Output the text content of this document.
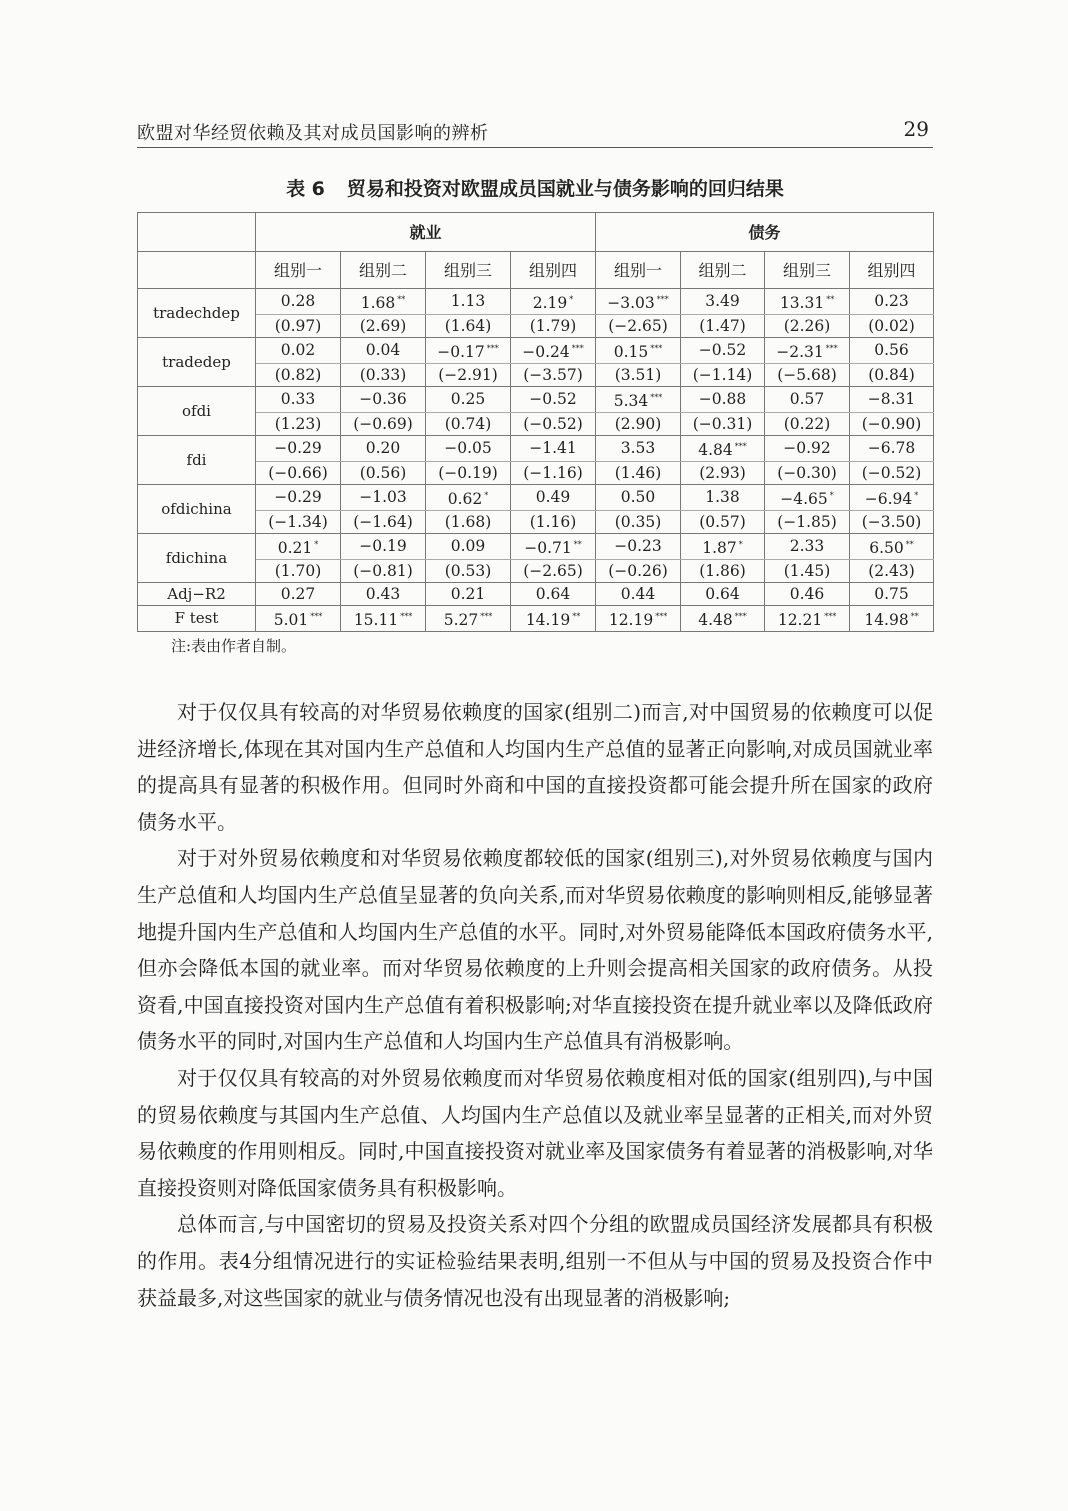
欧盟对华经贸依赖及其对成员国影响的辨析	29
表 6 贸易和投资对欧盟成员国就业与债务影响的回归结果
	就业				债务			
	组别一	组别二	组别三	组别四	组别一	组别二	组别三	组别四
tradechdep	0.28	1.68 **	1.13	2.19 *	−3.03 ***	3.49	13.31 **	0.23
	(0.97)	(2.69)	(1.64)	(1.79)	(−2.65)	(1.47)	(2.26)	(0.02)
tradedep	0.02	0.04	−0.17 ***	−0.24 ***	0.15 ***	−0.52	−2.31 ***	0.56
	(0.82)	(0.33)	(−2.91)	(−3.57)	(3.51)	(−1.14)	(−5.68)	(0.84)
ofdi	0.33	−0.36	0.25	−0.52	5.34 ***	−0.88	0.57	−8.31
	(1.23)	(−0.69)	(0.74)	(−0.52)	(2.90)	(−0.31)	(0.22)	(−0.90)
fdi	−0.29	0.20	−0.05	−1.41	3.53	4.84 ***	−0.92	−6.78
	(−0.66)	(0.56)	(−0.19)	(−1.16)	(1.46)	(2.93)	(−0.30)	(−0.52)
ofdichina	−0.29	−1.03	0.62 *	0.49	0.50	1.38	−4.65 *	−6.94 *
	(−1.34)	(−1.64)	(1.68)	(1.16)	(0.35)	(0.57)	(−1.85)	(−3.50)
fdichina	0.21 *	−0.19	0.09	−0.71 **	−0.23	1.87 *	2.33	6.50 **
	(1.70)	(−0.81)	(0.53)	(−2.65)	(−0.26)	(1.86)	(1.45)	(2.43)
Adj−R2	0.27	0.43	0.21	0.64	0.44	0.64	0.46	0.75
F test	5.01 ***	15.11 ***	5.27 ***	14.19 **	12.19 ***	4.48 ***	12.21 ***	14.98 **
注:表由作者自制。

对于仅仅具有较高的对华贸易依赖度的国家(组别二)而言,对中国贸易的依赖度可以促进经济增长,体现在其对国内生产总值和人均国内生产总值的显著正向影响,对成员国就业率的提高具有显著的积极作用。但同时外商和中国的直接投资都可能会提升所在国家的政府债务水平。

对于对外贸易依赖度和对华贸易依赖度都较低的国家(组别三),对外贸易依赖度与国内生产总值和人均国内生产总值呈显著的负向关系,而对华贸易依赖度的影响则相反,能够显著地提升国内生产总值和人均国内生产总值的水平。同时,对外贸易能降低本国政府债务水平,但亦会降低本国的就业率。而对华贸易依赖度的上升则会提高相关国家的政府债务。从投资看,中国直接投资对国内生产总值有着积极影响;对华直接投资在提升就业率以及降低政府债务水平的同时,对国内生产总值和人均国内生产总值具有消极影响。

对于仅仅具有较高的对外贸易依赖度而对华贸易依赖度相对低的国家(组别四),与中国的贸易依赖度与其国内生产总值、人均国内生产总值以及就业率呈显著的正相关,而对外贸易依赖度的作用则相反。同时,中国直接投资对就业率及国家债务有着显著的消极影响,对华直接投资则对降低国家债务具有积极影响。

总体而言,与中国密切的贸易及投资关系对四个分组的欧盟成员国经济发展都具有积极的作用。表4分组情况进行的实证检验结果表明,组别一不但从与中国的贸易及投资合作中获益最多,对这些国家的就业与债务情况也没有出现显著的消极影响;
